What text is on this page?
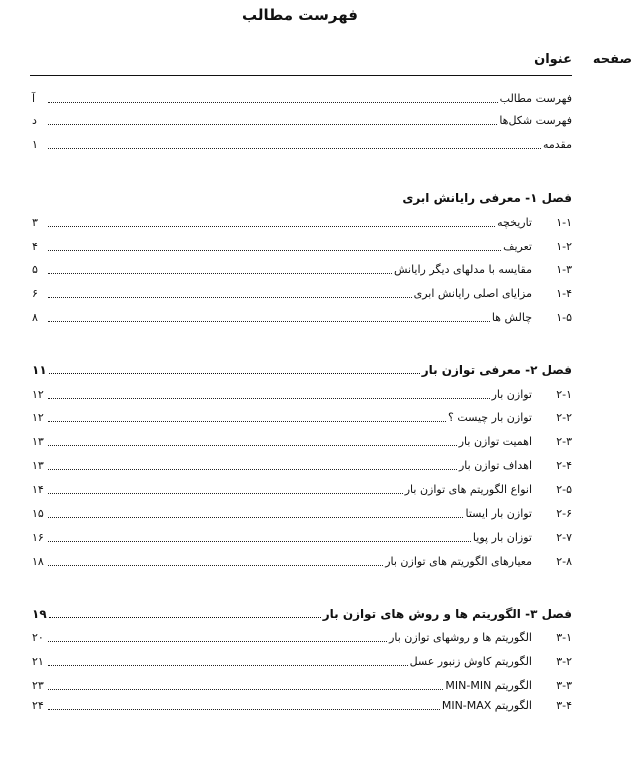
فهرست مطالب
عنوان	صفحه
فهرست مطالب
آ
فهرست شکل‌ها
د
مقدمه
۱
فصل ۱- معرفی رایانش ابری
۱-۱
تاریخچه
۳
۱-۲
تعریف
۴
۱-۳
مقایسه با مدلهای دیگر رایانش
۵
۱-۴
مزایای اصلی رایانش ابری
۶
۱-۵
چالش ها
۸
فصل ۲- معرفی توازن بار
۱۱
۲-۱
توازن بار
۱۲
۲-۲
توازن بار چیست ؟
۱۲
۲-۳
اهمیت توازن بار
۱۳
۲-۴
اهداف توازن بار
۱۳
۲-۵
انواع الگوریتم های توازن بار
۱۴
۲-۶
توازن بار ایستا
۱۵
۲-۷
توزان بار پویا
۱۶
۲-۸
معیارهای الگوریتم های توازن بار
۱۸
فصل ۳- الگوریتم ها و روش های توازن بار
۱۹
۳-۱
الگوریتم ها و روشهای توازن بار
۲۰
۳-۲
الگوریتم کاوش زنبور عسل
۲۱
۳-۳
الگوریتم MIN-MIN
۲۳
۳-۴
الگوریتم MIN-MAX
۲۴
